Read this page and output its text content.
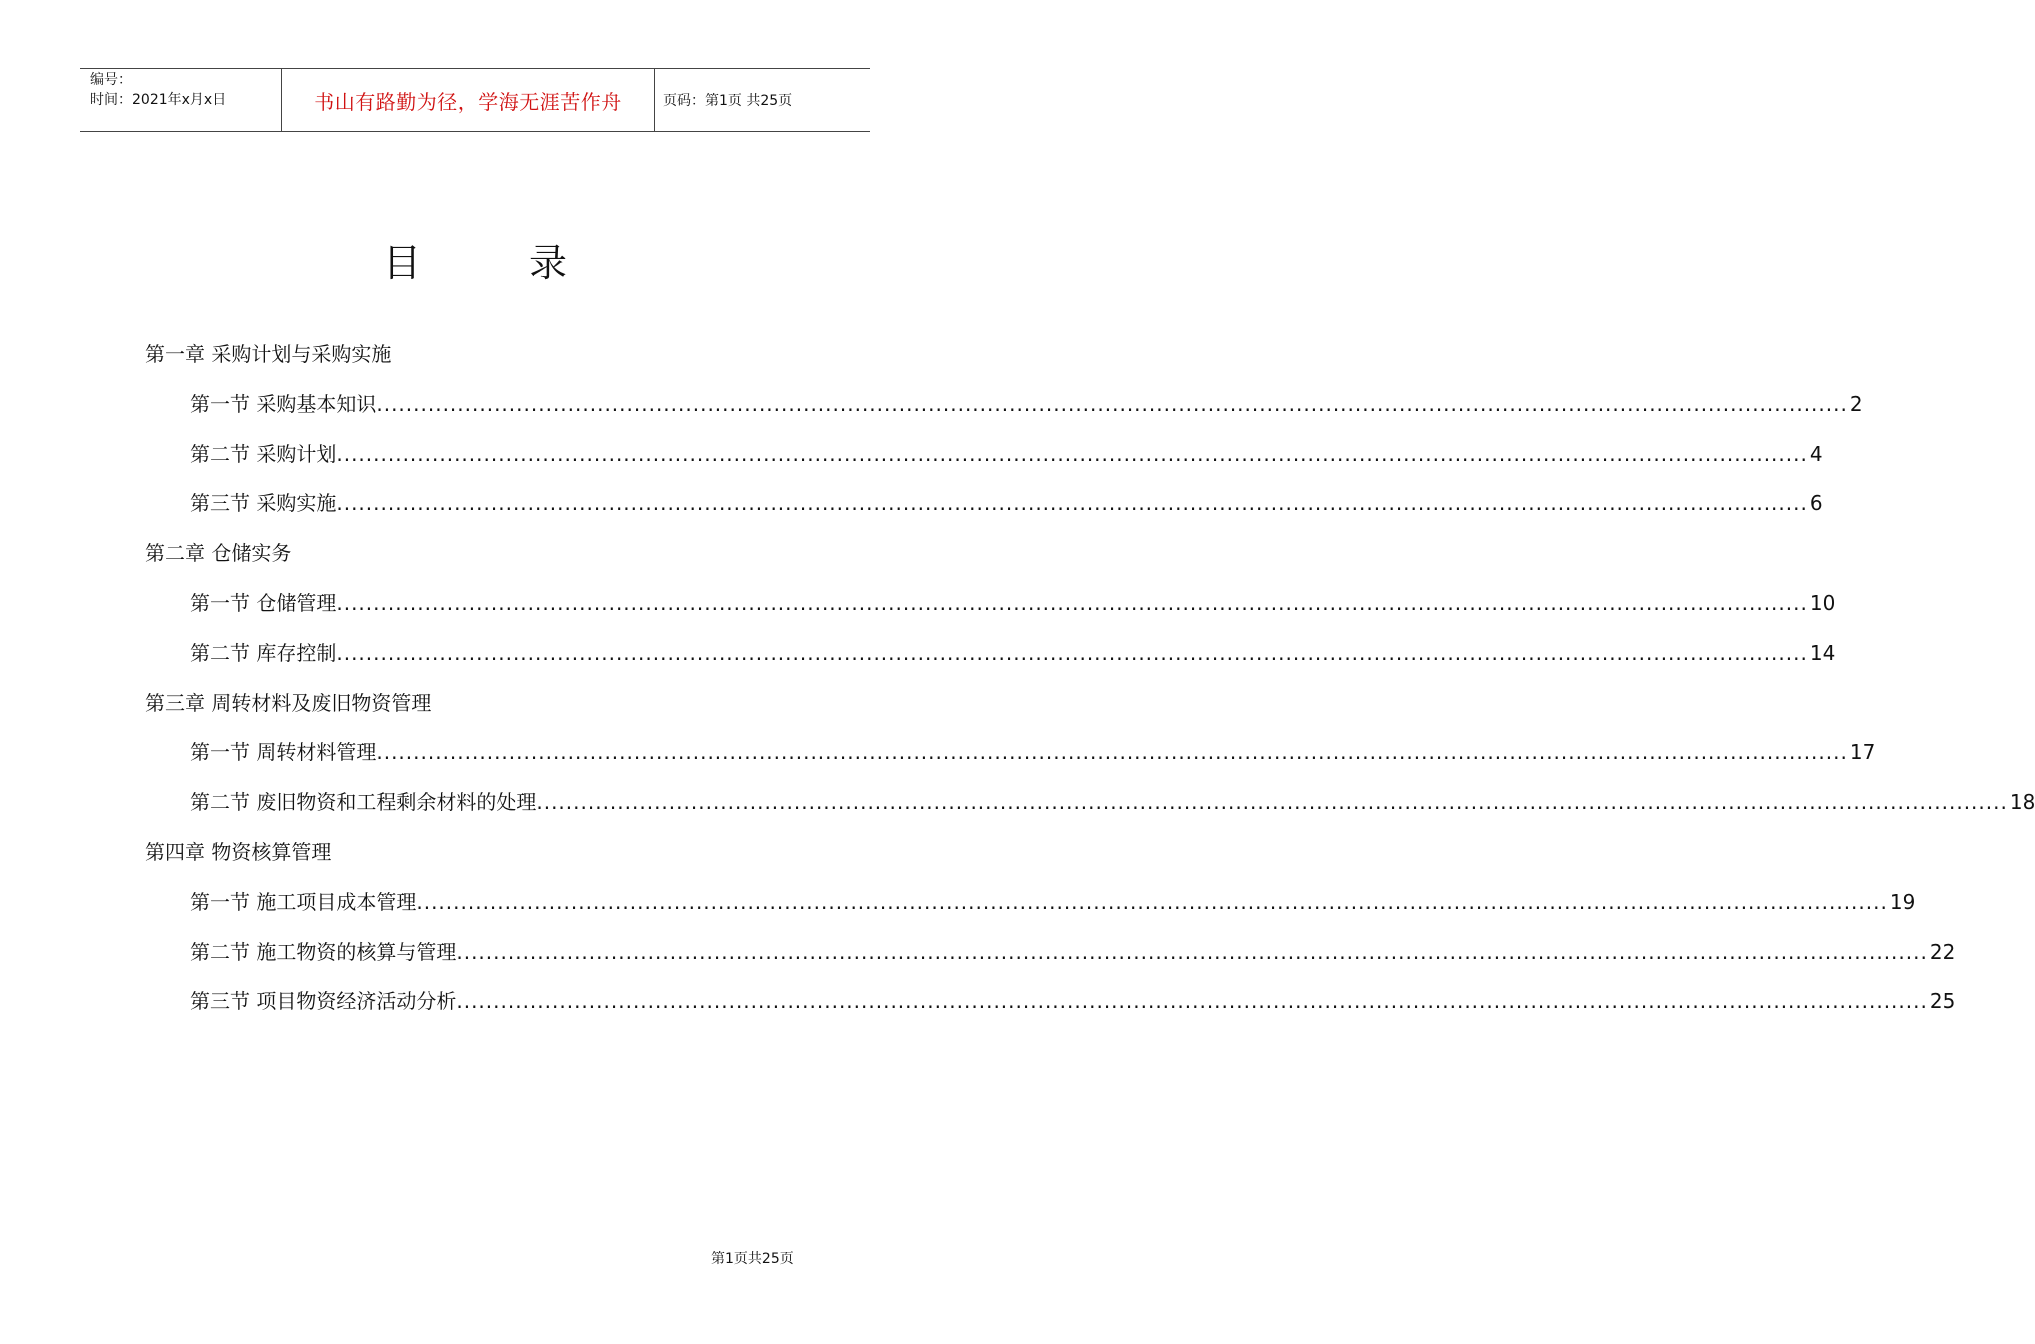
编号：
时间：2021年x月x日	书山有路勤为径，学海无涯苦作舟	页码：第1页 共25页
目 录
第一章 采购计划与采购实施
第一节 采购基本知识 ........................................................................................................................................................................................................ 2
第二节 采购计划 ........................................................................................................................................................................................................ 4
第三节 采购实施 ........................................................................................................................................................................................................ 6
第二章 仓储实务
第一节 仓储管理 ........................................................................................................................................................................................................ 10
第二节 库存控制 ........................................................................................................................................................................................................ 14
第三章 周转材料及废旧物资管理
第一节 周转材料管理 ........................................................................................................................................................................................................ 17
第二节 废旧物资和工程剩余材料的处理 ........................................................................................................................................................................................................ 18
第四章 物资核算管理
第一节 施工项目成本管理 ........................................................................................................................................................................................................ 19
第二节 施工物资的核算与管理 ........................................................................................................................................................................................................ 22
第三节 项目物资经济活动分析 ........................................................................................................................................................................................................ 25
第1页共25页
